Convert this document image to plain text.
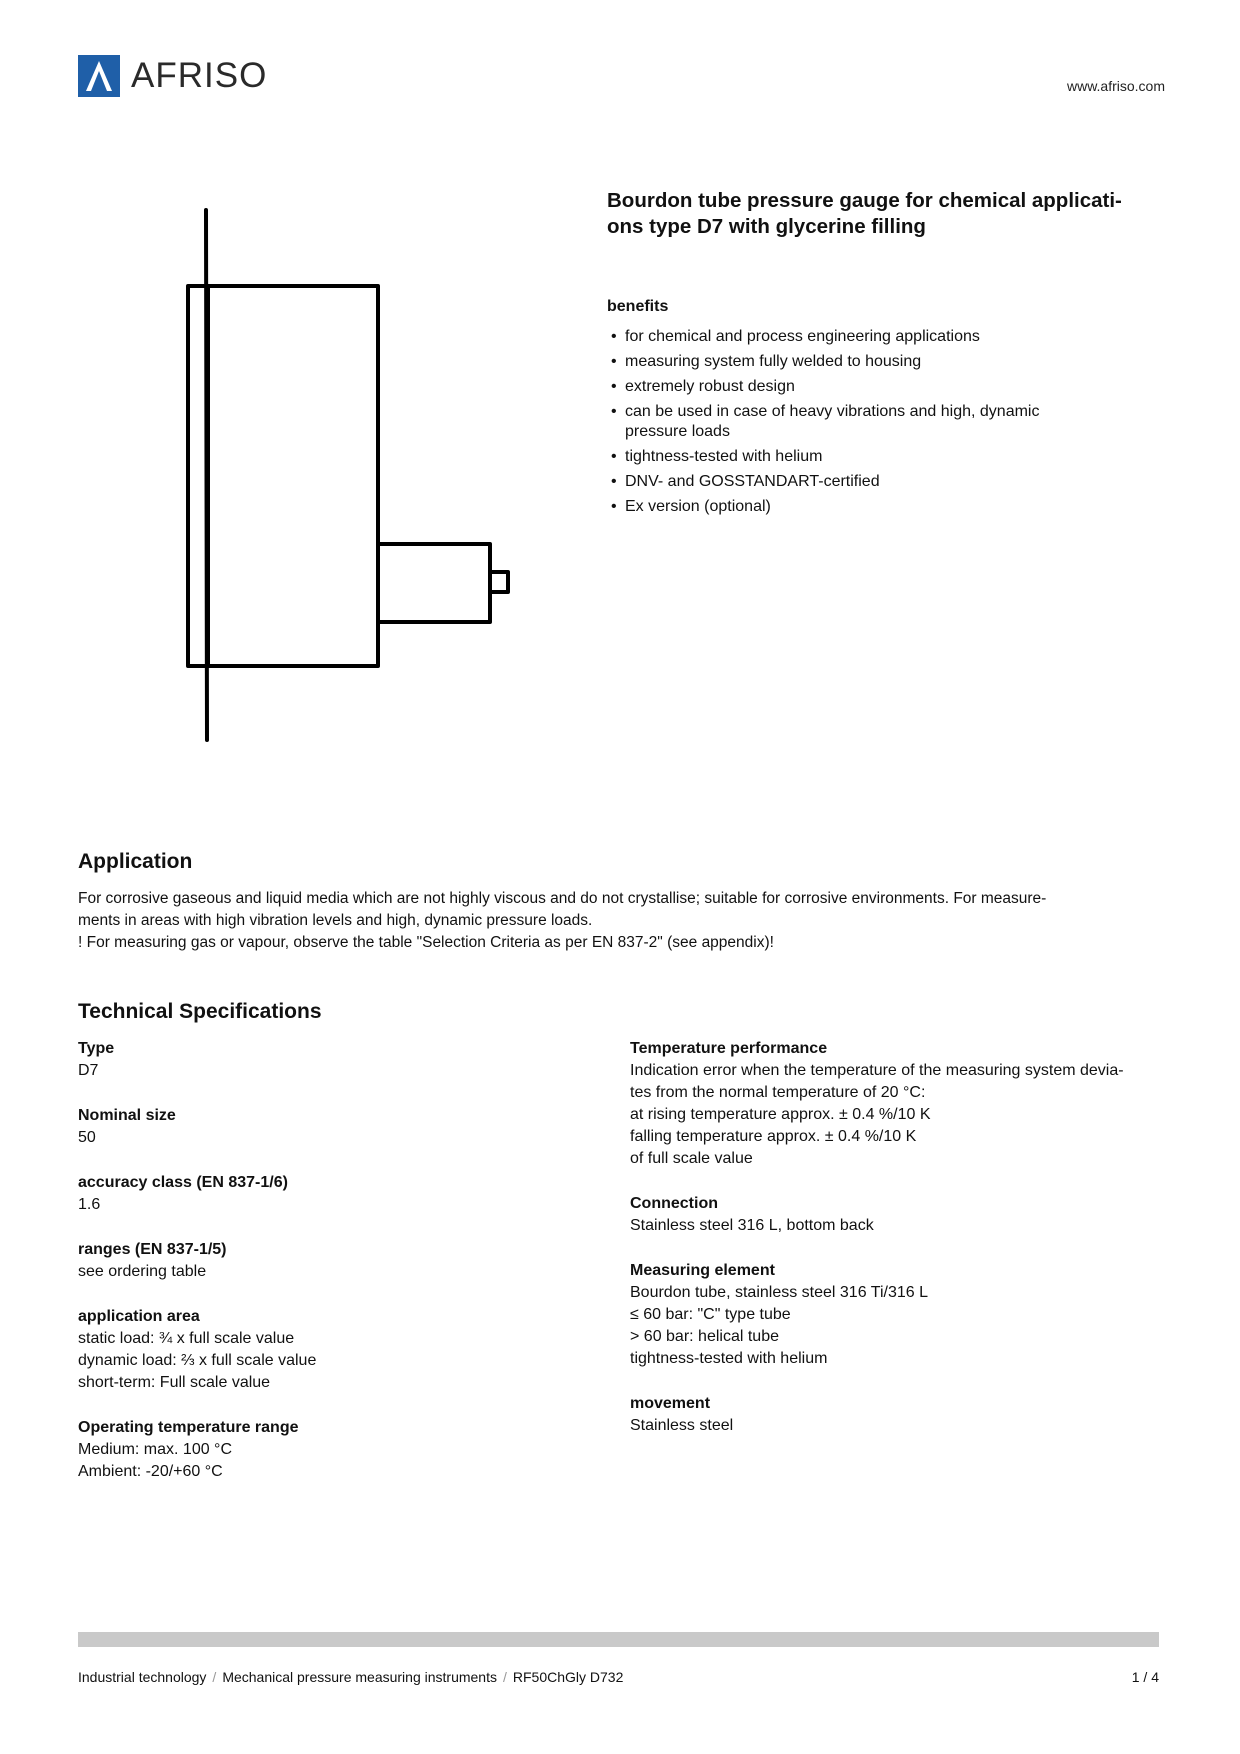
AFRISO	www.afriso.com
Bourdon tube pressure gauge for chemical applicati-
ons type D7 with glycerine filling
benefits
• for chemical and process engineering applications
• measuring system fully welded to housing
• extremely robust design
• can be used in case of heavy vibrations and high, dynamic pressure loads
• tightness-tested with helium
• DNV- and GOSSTANDART-certified
• Ex version (optional)
Application

For corrosive gaseous and liquid media which are not highly viscous and do not crystallise; suitable for corrosive environments. For measure-

ments in areas with high vibration levels and high, dynamic pressure loads.

! For measuring gas or vapour, observe the table "Selection Criteria as per EN 837-2" (see appendix)!

Technical Specifications
Type
D7
Nominal size
50
accuracy class (EN 837-1/6)
1.6
ranges (EN 837-1/5)
see ordering table
application area
static load: ¾ x full scale value
dynamic load: ⅔ x full scale value
short-term: Full scale value
Operating temperature range
Medium: max. 100 °C
Ambient: -20/+60 °C
Temperature performance
Indication error when the temperature of the measuring system devia-
tes from the normal temperature of 20 °C:
at rising temperature approx. ± 0.4 %/10 K
falling temperature approx. ± 0.4 %/10 K
of full scale value
Connection
Stainless steel 316 L, bottom back
Measuring element
Bourdon tube, stainless steel 316 Ti/316 L
≤ 60 bar: "C" type tube
> 60 bar: helical tube
tightness-tested with helium
movement
Stainless steel
Industrial technology / Mechanical pressure measuring instruments / RF50ChGly D732	1 / 4
